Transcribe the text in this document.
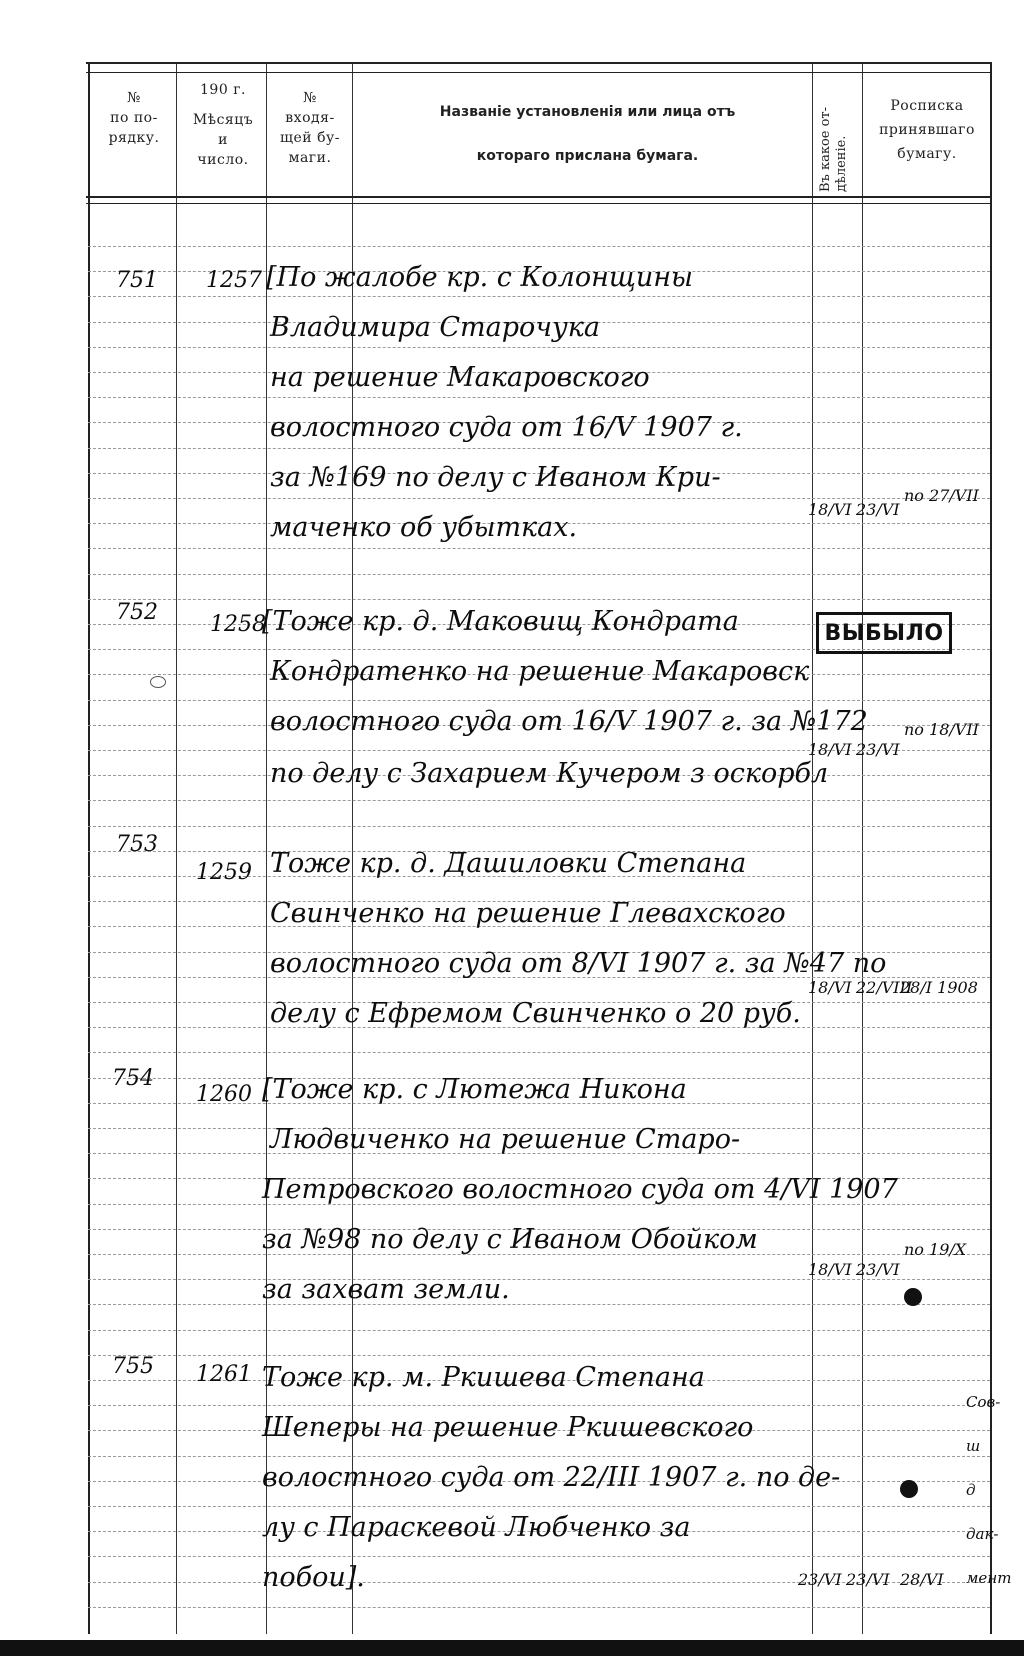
№
по по-
рядку.
190 г.
Мѣсяцъ
и
число.
№
входя-
щей бу-
маги.
Названіе установленія или лица отъ
котораго прислана бумага.	Въ какое от-
дѣленіе.
Росписка
принявшаго
бумагу.
751 1257 [По жалобе кр. с Колонщины
Владимира Старочука
на решение Макаровского
волостного суда от 16/V 1907 г.
за №169 по делу с Иваном Кри-
маченко об убытках.
18/VI 23/VI
по 27/VII
752 1258
[Тоже кр. д. Маковищ Кондрата
Кондратенко на решение Макаровск
волостного суда от 16/V 1907 г. за №172
по делу с Захарием Кучером з оскорбл
ВЫБЫЛО
18/VI 23/VI
по 18/VII
753
1259 Тоже кр. д. Дашиловки Степана
Свинченко на решение Глевахского
волостного суда от 8/VI 1907 г. за №47 по
делу с Ефремом Свинченко о 20 руб.
18/VI 22/VIII
28/I 1908
754
1260 [Тоже кр. с Лютежа Никона
Людвиченко на решение Старо-
Петровского волостного суда от 4/VI 1907
за №98 по делу с Иваном Обойком
за захват земли.
18/VI 23/VI
по 19/X
755 1261 Тоже кр. м. Ркишева Степана
Шеперы на решение Ркишевского
волостного суда от 22/III 1907 г. по де-
лу с Параскевой Любченко за
побои].	23/VI 23/VI 28/VI
Сов-
ш
д
дак-
мент
